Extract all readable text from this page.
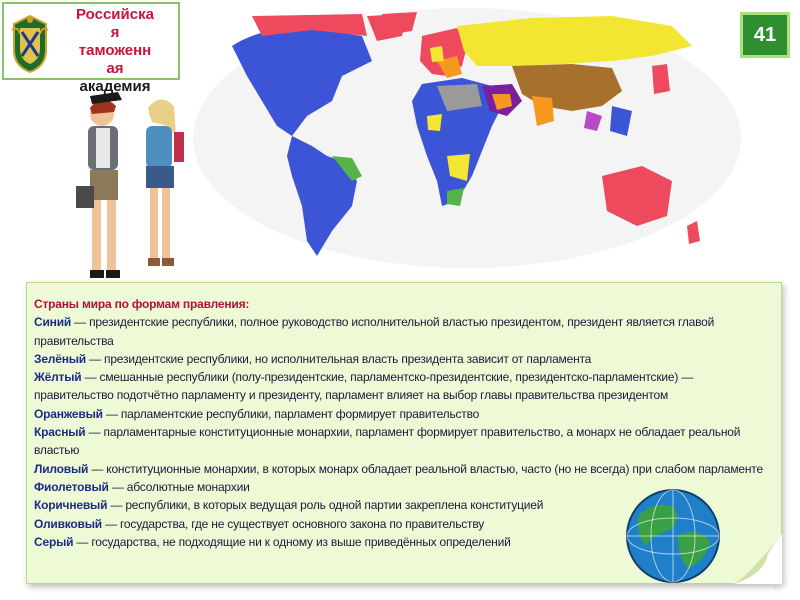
Российска
я
таможенн
ая
академия
41

Страны мира по формам правления:

Синий — президентские республики, полное руководство исполнительной властью президентом, президент является главой правительства

Зелёный — президентские республики, но исполнительная власть президента зависит от парламента

Жёлтый — смешанные республики (полу-президентские, парламентско-президентские, президентско-парламентские) — правительство подотчётно парламенту и президенту, парламент влияет на выбор главы правительства президентом

Оранжевый — парламентские республики, парламент формирует правительство

Красный — парламентарные конституционные монархии, парламент формирует правительство, а монарх не обладает реальной властью

Лиловый — конституционные монархии, в которых монарх обладает реальной властью, часто (но не всегда) при слабом парламенте

Фиолетовый — абсолютные монархии

Коричневый — республики, в которых ведущая роль одной партии закреплена конституцией

Оливковый — государства, где не существует основного закона по правительству

Серый — государства, не подходящие ни к одному из выше приведённых определений

.
